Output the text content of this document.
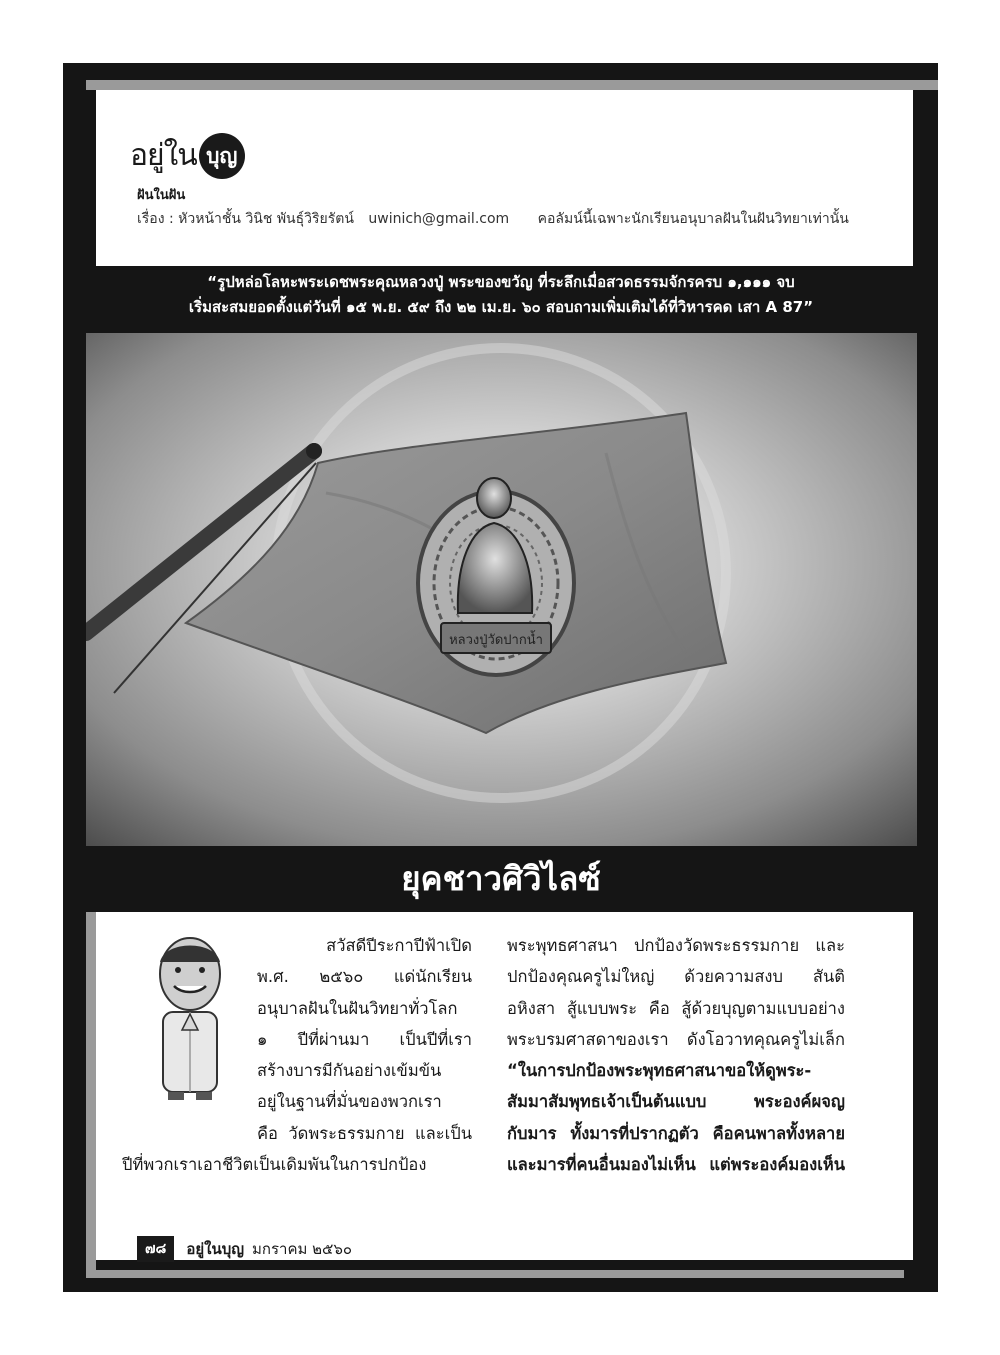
อยู่ใน บุญ
ฝันในฝัน
เรื่อง : หัวหน้าชั้น วินิช พันธุ์วิริยรัตน์ uwinich@gmail.com คอลัมน์นี้เฉพาะนักเรียนอนุบาลฝันในฝันวิทยาเท่านั้น
“รูปหล่อโลหะพระเดชพระคุณหลวงปู่ พระของขวัญ ที่ระลึกเมื่อสวดธรรมจักรครบ ๑,๑๑๑ จบ
เริ่มสะสมยอดตั้งแต่วันที่ ๑๕ พ.ย. ๕๙ ถึง ๒๒ เม.ย. ๖๐ สอบถามเพิ่มเติมได้ที่วิหารคด เสา A 87”
หลวงปู่วัดปากน้ำ
ยุคชาวศิวิไลซ์
สวัสดีปีระกาปีฟ้าเปิด
พ.ศ. ๒๕๖๐ แด่นักเรียน
อนุบาลฝันในฝันวิทยาทั่วโลก
๑ ปีที่ผ่านมา เป็นปีที่เรา
สร้างบารมีกันอย่างเข้มข้น
อยู่ในฐานที่มั่นของพวกเรา
คือ วัดพระธรรมกาย และเป็น
ปีที่พวกเราเอาชีวิตเป็นเดิมพันในการปกป้อง
พระพุทธศาสนา ปกป้องวัดพระธรรมกาย และ
ปกป้องคุณครูไม่ใหญ่ ด้วยความสงบ สันติ
อหิงสา สู้แบบพระ คือ สู้ด้วยบุญตามแบบอย่าง
พระบรมศาสดาของเรา ดังโอวาทคุณครูไม่เล็ก
“ในการปกป้องพระพุทธศาสนาขอให้ดูพระ-
สัมมาสัมพุทธเจ้าเป็นต้นแบบ พระองค์ผจญ
กับมาร ทั้งมารที่ปรากฏตัว คือคนพาลทั้งหลาย
และมารที่คนอื่นมองไม่เห็น แต่พระองค์มองเห็น
๗๘	อยู่ในบุญ มกราคม ๒๕๖๐
